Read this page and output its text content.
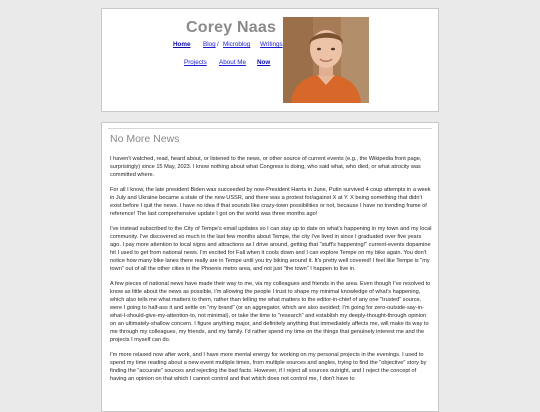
Corey Naas
Home Blog / Microblog Writings
Projects About Me Now
No More News

I haven't watched, read, heard about, or listened to the news, or other source of current events (e.g., the Wikipedia front page, surprisingly) since 15 May, 2023. I know nothing about what Congress is doing, who said what, who died, or what atrocity was committed where.

For all I know, the late president Biden was succeeded by now-President Harris in June, Putin survived 4 coup attempts in a week in July and Ukraine became a state of the new USSR, and there was a protest for/against X at Y. X being something that didn't exist before I quit the news. I have no idea if that sounds like crazy-town possibilities or not, because I have no trending frame of reference! The last comprehensive update I got on the world was three months ago!

I've instead subscribed to the City of Tempe's email updates so I can stay up to date on what's happening in my town and my local community. I've discovered so much in the last few months about Tempe, the city I've lived in since I graduated over five years ago. I pay more attention to local signs and attractions as I drive around, getting that "stuff's happening!" current-events dopamine hit I used to get from national news. I'm excited for Fall when it cools down and I can explore Tempe on my bike again. You don't notice how many bike lanes there really are in Tempe until you try biking around it. It's pretty well covered! I feel like Tempe is "my town" out of all the other cities in the Phoenix metro area, and not just "the town" I happen to live in.

A few pieces of national news have made their way to me, via my colleagues and friends in the area. Even though I've resolved to know as little about the news as possible, I'm allowing the people I trust to shape my minimal knowledge of what's happening, which also tells me what matters to them, rather than telling me what matters to the editor-in-chief of any one "trusted" source, were I going to half-ass it and settle on "my brand" (or an aggregator, which are also avoided; I'm going for zero-outside-say-in-what-I-should-give-my-attention-to, not minimal), or take the time to "research" and establish my deeply-thought-through opinion on an ultimately-shallow concern. I figure anything major, and definitely anything that immediately affects me, will make its way to me through my colleagues, my friends, and my family. I'd rather spend my time on the things that genuinely interest me and the projects I myself can do.

I'm more relaxed now after work, and I have more mental energy for working on my personal projects in the evenings. I used to spend my time reading about a new event multiple times, from multiple sources and angles, trying to find the "objective" story by finding the "accurate" sources and rejecting the bad facts. However, if I reject all sources outright, and I reject the concept of having an opinion on that which I cannot control and that which does not control me, I don't have to
